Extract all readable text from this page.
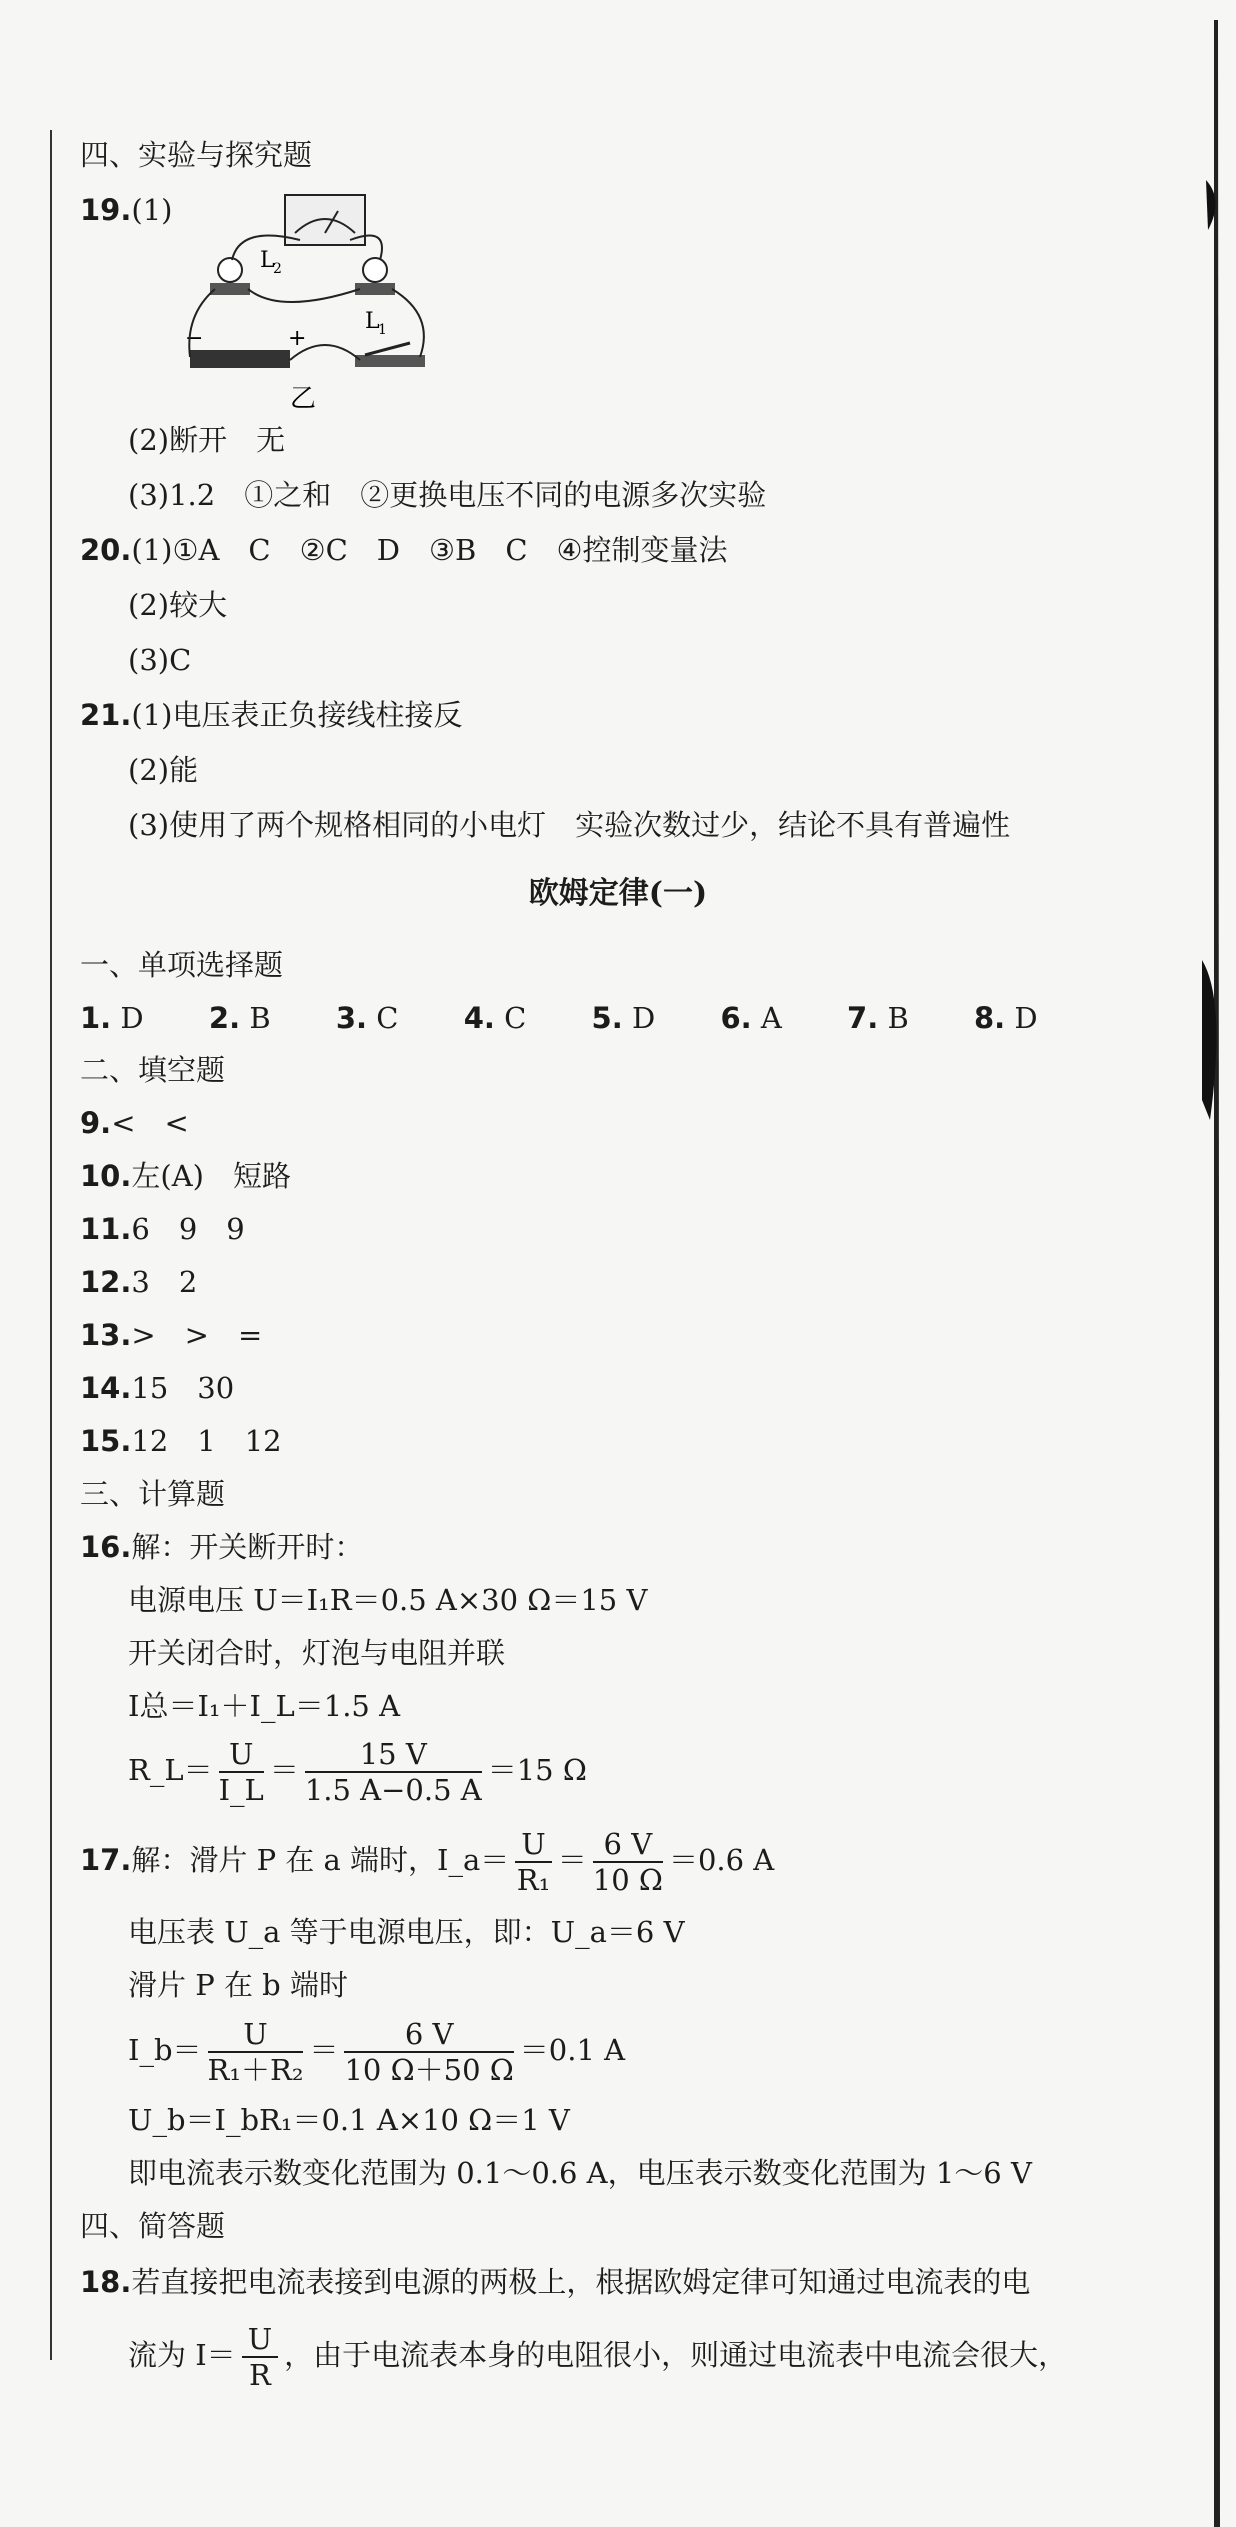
四、实验与探究题
19.(1)
L
2
L
1
−	+
乙
(2)断开　无
(3)1.2　①之和　②更换电压不同的电源多次实验
20.(1)①A　C　②C　D　③B　C　④控制变量法
(2)较大
(3)C
21.(1)电压表正负接线柱接反
(2)能
(3)使用了两个规格相同的小电灯　实验次数过少，结论不具有普遍性
欧姆定律(一)
一、单项选择题
1. D 2. B 3. C 4. C 5. D 6. A 7. B 8. D
二、填空题
9.<　<
10.左(A)　短路
11.6　9　9
12.3　2
13.>　>　=
14.15　30
15.12　1　12
三、计算题
16.解：开关断开时：
电源电压 U＝I₁R＝0.5 A×30 Ω＝15 V
开关闭合时，灯泡与电阻并联
I总＝I₁＋I_L＝1.5 A
R_L＝ $\frac{U}{I\_L} = \frac{15 V}{1.5 A-0.5 A} =15$ Ω
17.解：滑片 P 在 a 端时，I_a＝ $\frac{U}{\text{R₁}} = \frac{6 V}{10 \Omega} =0.6$ A
电压表 U_a 等于电源电压，即：U_a＝6 V
滑片 P 在 b 端时
I_b＝ $\frac{U}{\text{R₁＋R₂}} = \frac{6 V}{10 \Omega+50 \Omega} =0.1$ A
U_b＝I_bR₁＝0.1 A×10 Ω＝1 V
即电流表示数变化范围为 0.1～0.6 A，电压表示数变化范围为 1～6 V
四、简答题
18.若直接把电流表接到电源的两极上，根据欧姆定律可知通过电流表的电
流为 $I= \frac{U}{R}$ ，由于电流表本身的电阻很小，则通过电流表中电流会很大，
